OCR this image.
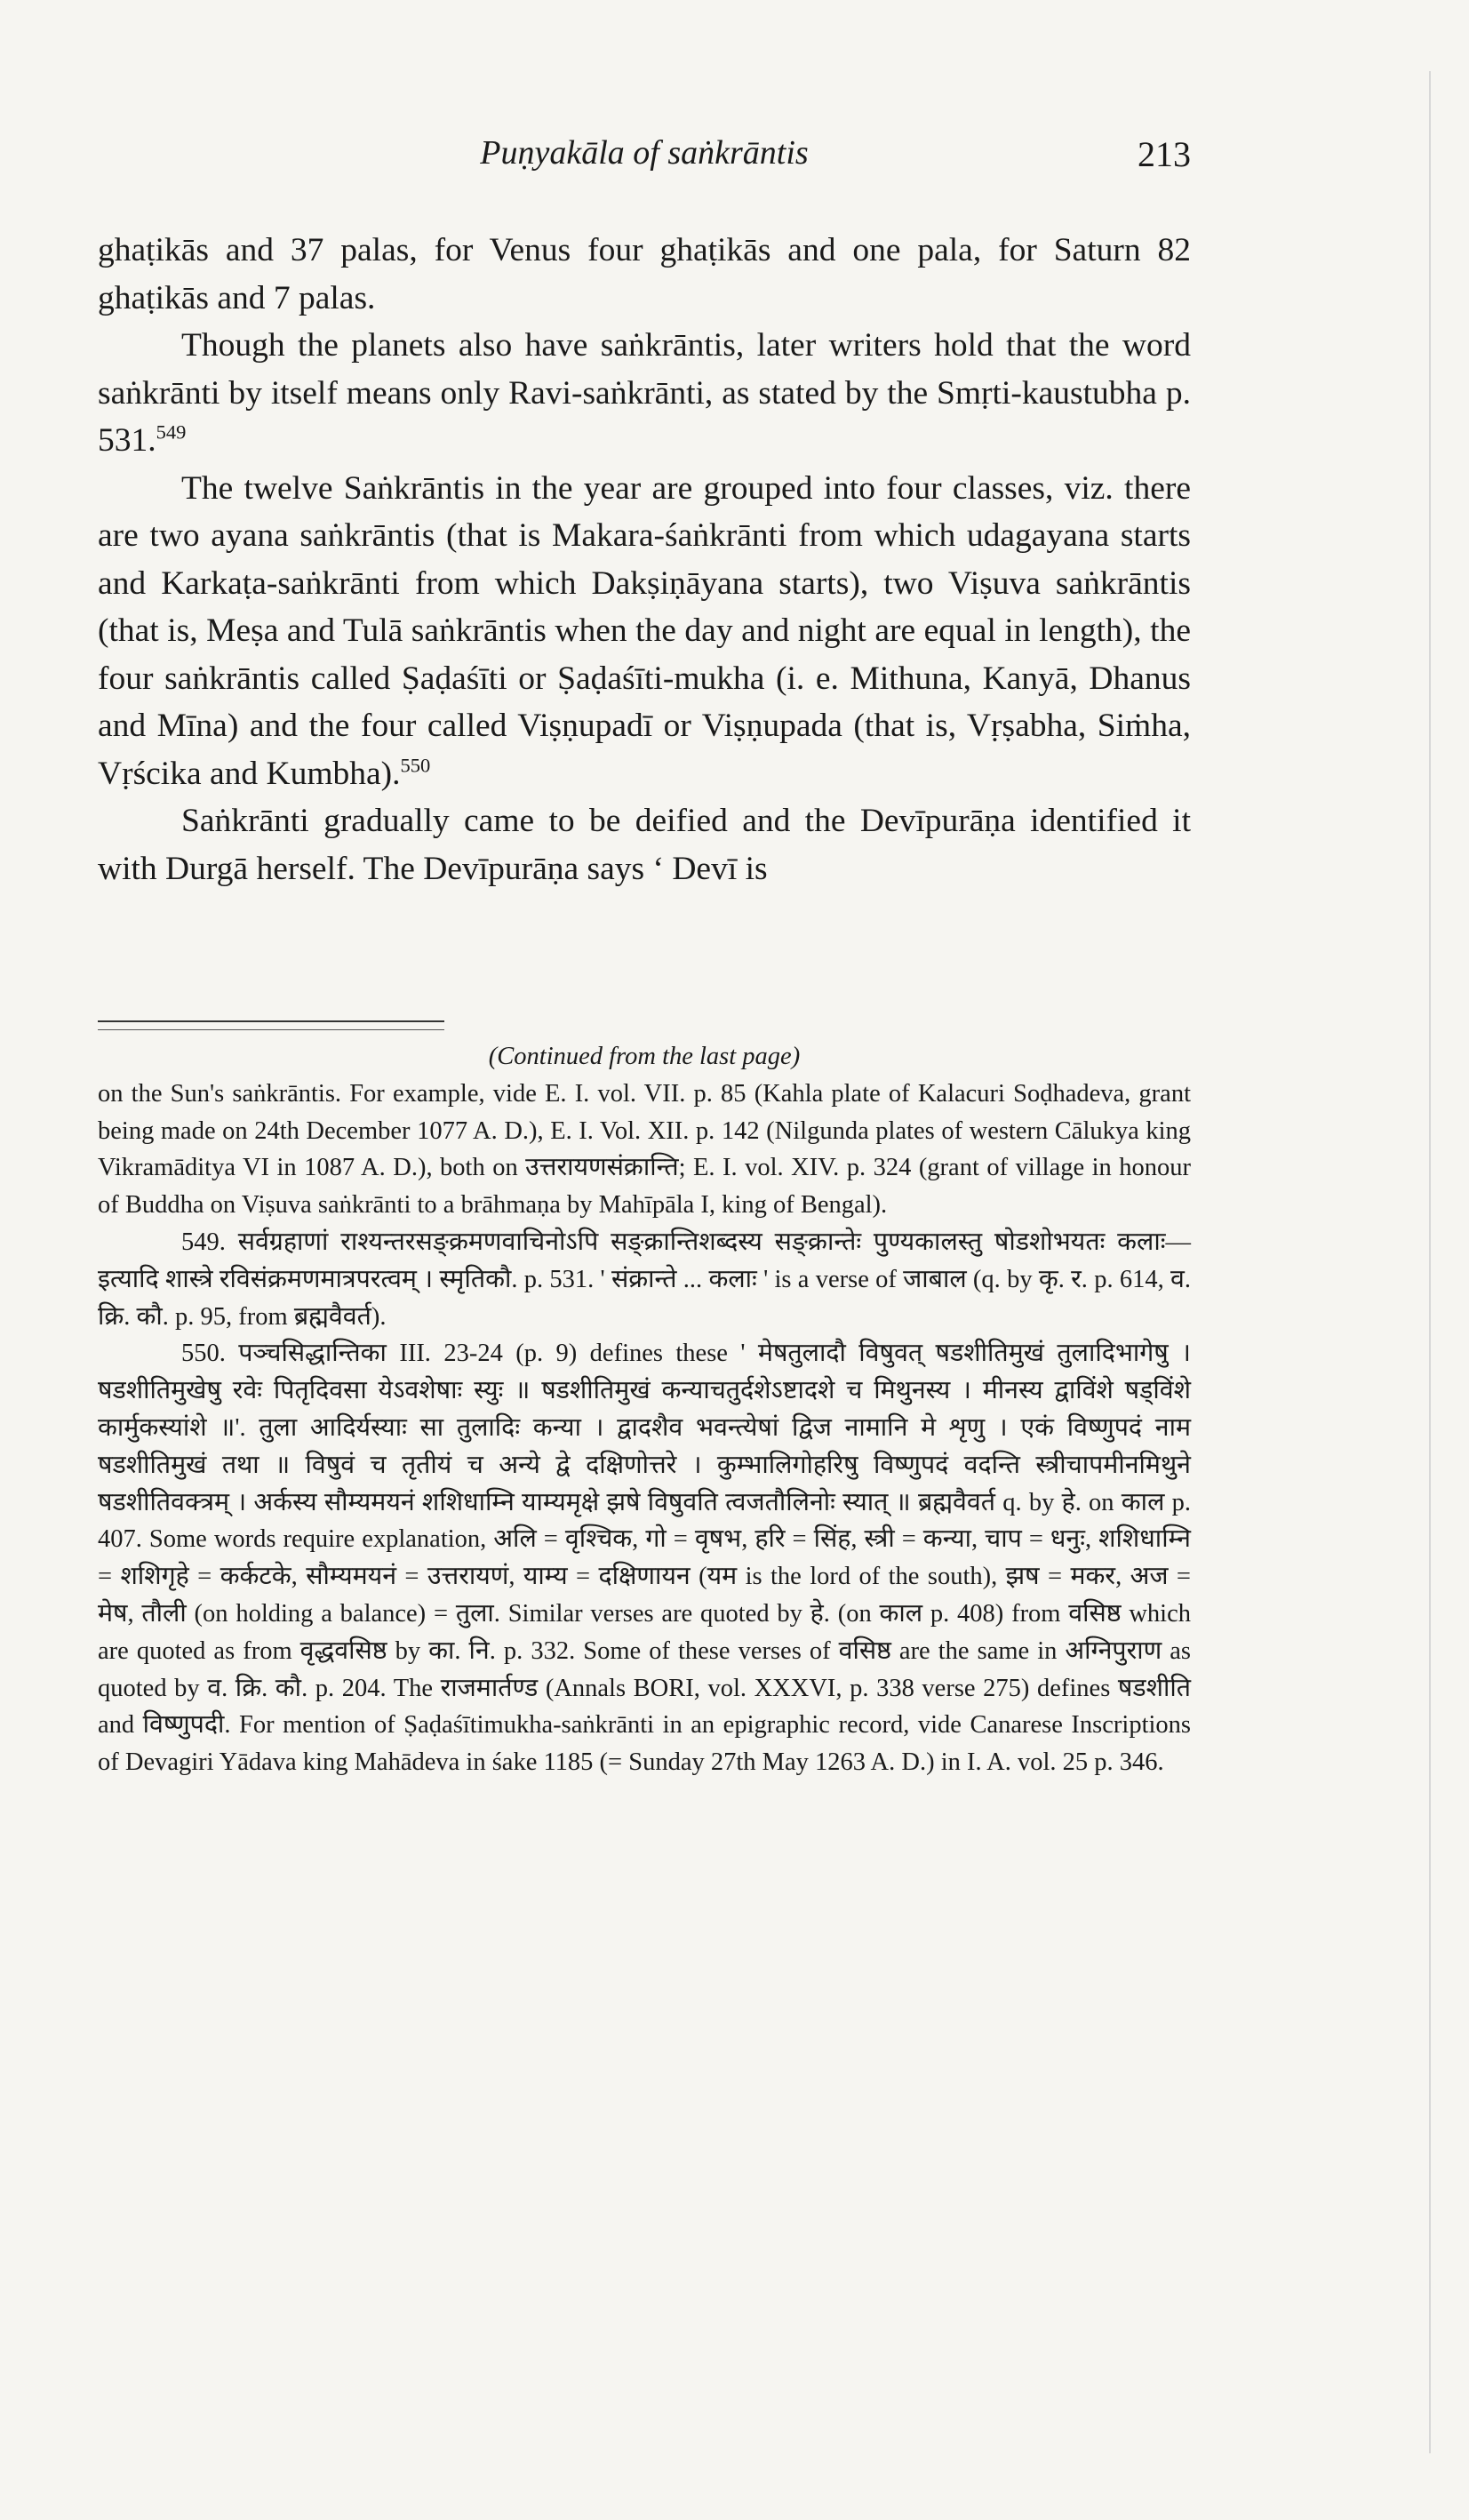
Puṇyakāla of saṅkrāntis	213

ghaṭikās and 37 palas, for Venus four ghaṭikās and one pala, for Saturn 82 ghaṭikās and 7 palas.

Though the planets also have saṅkrāntis, later writers hold that the word saṅkrānti by itself means only Ravi-saṅkrānti, as stated by the Smṛti-kaustubha p. 531.$^{549}$

The twelve Saṅkrāntis in the year are grouped into four classes, viz. there are two ayana saṅkrāntis (that is Makara-śaṅkrānti from which udagayana starts and Karkaṭa-saṅkrānti from which Dakṣiṇāyana starts), two Viṣuva saṅkrāntis (that is, Meṣa and Tulā saṅkrāntis when the day and night are equal in length), the four saṅkrāntis called Ṣaḍaśīti or Ṣaḍaśīti-mukha (i. e. Mithuna, Kanyā, Dhanus and Mīna) and the four called Viṣṇupadī or Viṣṇupada (that is, Vṛṣabha, Siṁha, Vṛścika and Kumbha).$^{550}$

Saṅkrānti gradually came to be deified and the Devīpurāṇa identified it with Durgā herself. The Devīpurāṇa says ‘ Devī is

(Continued from the last page)

on the Sun's saṅkrāntis. For example, vide E. I. vol. VII. p. 85 (Kahla plate of Kalacuri Soḍhadeva, grant being made on 24th December 1077 A. D.), E. I. Vol. XII. p. 142 (Nilgunda plates of western Cālukya king Vikramāditya VI in 1087 A. D.), both on उत्तरायणसंक्रान्ति; E. I. vol. XIV. p. 324 (grant of village in honour of Buddha on Viṣuva saṅkrānti to a brāhmaṇa by Mahīpāla I, king of Bengal).

549. सर्वग्रहाणां राश्यन्तरसङ्क्रमणवाचिनोऽपि सङ्क्रान्तिशब्दस्य सङ्क्रान्तेः पुण्यकालस्तु षोडशोभयतः कलाः— इत्यादि शास्त्रे रविसंक्रमणमात्रपरत्वम् । स्मृतिकौ. p. 531. ' संक्रान्ते ... कलाः ' is a verse of जाबाल (q. by कृ. र. p. 614, व. क्रि. कौ. p. 95, from ब्रह्मवैवर्त).

550. पञ्चसिद्धान्तिका III. 23-24 (p. 9) defines these ' मेषतुलादौ विषुवत् षडशीतिमुखं तुलादिभागेषु । षडशीतिमुखेषु रवेः पितृदिवसा येऽवशेषाः स्युः ॥ षडशीतिमुखं कन्याचतुर्दशेऽष्टादशे च मिथुनस्य । मीनस्य द्वाविंशे षड्विंशे कार्मुकस्यांशे ॥'. तुला आदिर्यस्याः सा तुलादिः कन्या । द्वादशैव भवन्त्येषां द्विज नामानि मे शृणु । एकं विष्णुपदं नाम षडशीतिमुखं तथा ॥ विषुवं च तृतीयं च अन्ये द्वे दक्षिणोत्तरे । कुम्भालिगोहरिषु विष्णुपदं वदन्ति स्त्रीचापमीनमिथुने षडशीतिवक्त्रम् । अर्कस्य सौम्यमयनं शशिधाम्नि याम्यमृक्षे झषे विषुवति त्वजतौलिनोः स्यात् ॥ ब्रह्मवैवर्त q. by हे. on काल p. 407. Some words require explanation, अलि = वृश्चिक, गो = वृषभ, हरि = सिंह, स्त्री = कन्या, चाप = धनुः, शशिधाम्नि = शशिगृहे = कर्कटके, सौम्यमयनं = उत्तरायणं, याम्य = दक्षिणायन (यम is the lord of the south), झष = मकर, अज = मेष, तौली (on holding a balance) = तुला. Similar verses are quoted by हे. (on काल p. 408) from वसिष्ठ which are quoted as from वृद्धवसिष्ठ by का. नि. p. 332. Some of these verses of वसिष्ठ are the same in अग्निपुराण as quoted by व. क्रि. कौ. p. 204. The राजमार्तण्ड (Annals BORI, vol. XXXVI, p. 338 verse 275) defines षडशीति and विष्णुपदी. For mention of Ṣaḍaśītimukha-saṅkrānti in an epigraphic record, vide Canarese Inscriptions of Devagiri Yādava king Mahādeva in śake 1185 (= Sunday 27th May 1263 A. D.) in I. A. vol. 25 p. 346.
